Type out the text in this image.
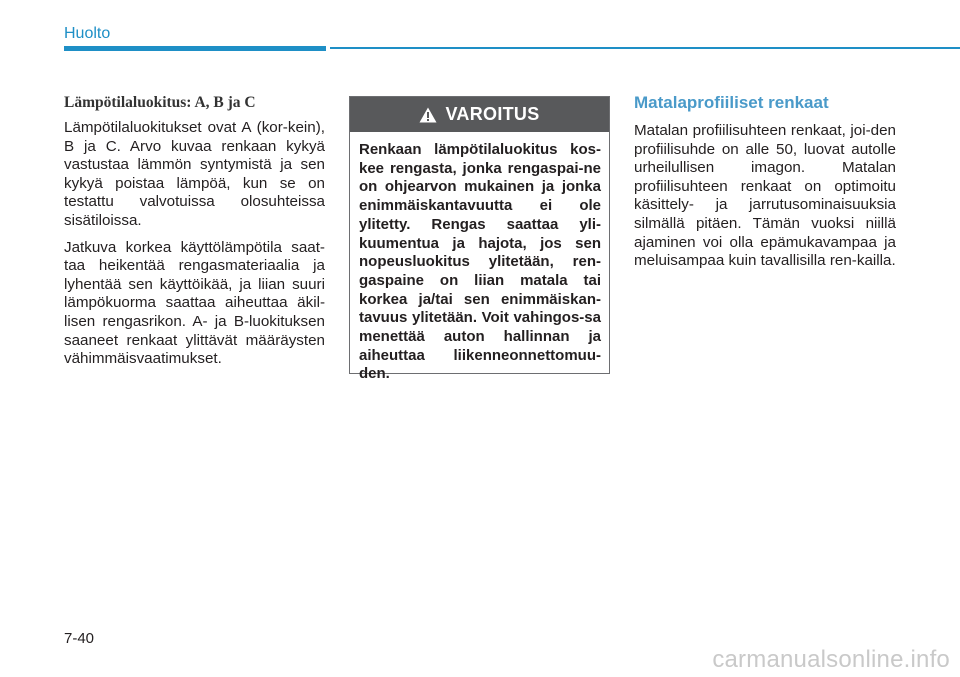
Huolto
Lämpötilaluokitus: A, B ja C

Lämpötilaluokitukset ovat A (kor-kein), B ja C. Arvo kuvaa renkaan kykyä vastustaa lämmön syntymistä ja sen kykyä poistaa lämpöä, kun se on testattu valvotuissa olosuhteissa sisätiloissa.

Jatkuva korkea käyttölämpötila saat-taa heikentää rengasmateriaalia ja lyhentää sen käyttöikää, ja liian suuri lämpökuorma saattaa aiheuttaa äkil-lisen rengasrikon. A- ja B-luokituksen saaneet renkaat ylittävät määräysten vähimmäisvaatimukset.

VAROITUS
Renkaan lämpötilaluokitus kos-kee rengasta, jonka rengaspai-ne on ohjearvon mukainen ja jonka enimmäiskantavuutta ei ole ylitetty. Rengas saattaa yli-kuumentua ja hajota, jos sen nopeusluokitus ylitetään, ren-gaspaine on liian matala tai korkea ja/tai sen enimmäiskan-tavuus ylitetään. Voit vahingos-sa menettää auton hallinnan ja aiheuttaa liikenneonnettomuu-den.
Matalaprofiiliset renkaat

Matalan profiilisuhteen renkaat, joi-den profiilisuhde on alle 50, luovat autolle urheilullisen imagon. Matalan profiilisuhteen renkaat on optimoitu käsittely- ja jarrutusominaisuuksia silmällä pitäen. Tämän vuoksi niillä ajaminen voi olla epämukavampaa ja meluisampaa kuin tavallisilla ren-kailla.

7-40
carmanualsonline.info
